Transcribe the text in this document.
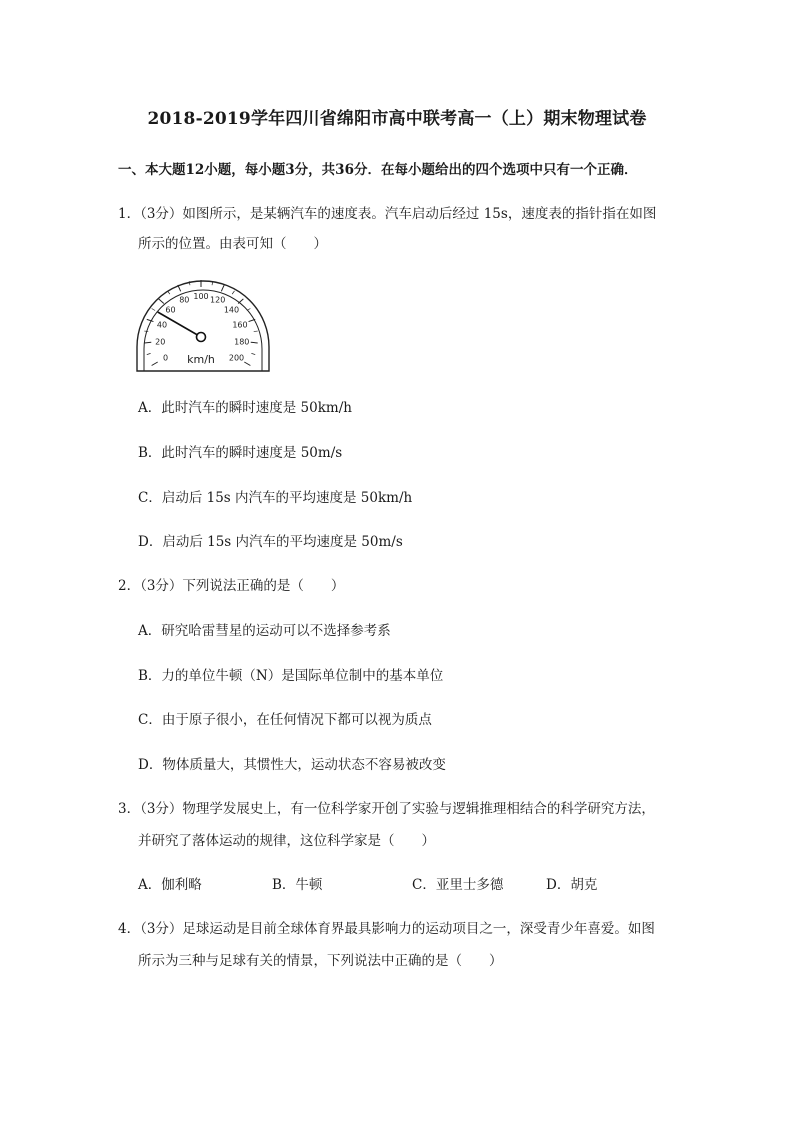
2018-2019学年四川省绵阳市高中联考高一（上）期末物理试卷
一、本大题12小题，每小题3分，共36分．在每小题给出的四个选项中只有一个正确．
1．（3分）如图所示，是某辆汽车的速度表。汽车启动后经过 15s，速度表的指针指在如图
所示的位置。由表可知（　　）
0
20
40
60
80 100 120
140
160
180
200
km/h
A．此时汽车的瞬时速度是 50km/h
B．此时汽车的瞬时速度是 50m/s
C．启动后 15s 内汽车的平均速度是 50km/h
D．启动后 15s 内汽车的平均速度是 50m/s
2．（3分）下列说法正确的是（　　）
A．研究哈雷彗星的运动可以不选择参考系
B．力的单位牛顿（N）是国际单位制中的基本单位
C．由于原子很小，在任何情况下都可以视为质点
D．物体质量大，其惯性大，运动状态不容易被改变
3．（3分）物理学发展史上，有一位科学家开创了实验与逻辑推理相结合的科学研究方法，
并研究了落体运动的规律，这位科学家是（　　）
A．伽利略	B．牛顿	C．亚里士多德	D．胡克
4．（3分）足球运动是目前全球体育界最具影响力的运动项目之一，深受青少年喜爱。如图
所示为三种与足球有关的情景，下列说法中正确的是（　　）
